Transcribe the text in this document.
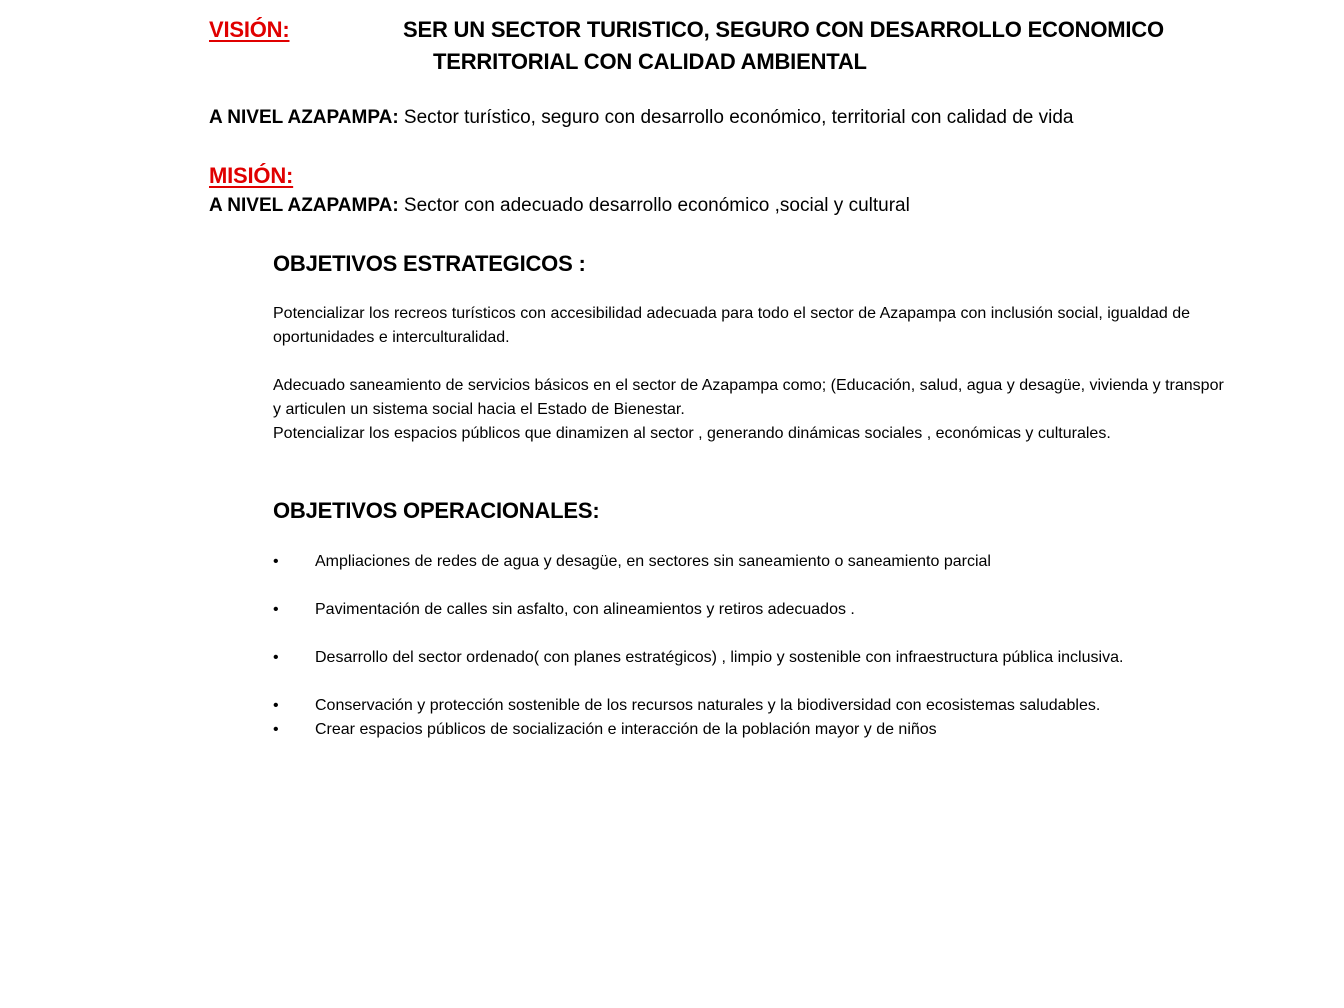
VISIÓN:	SER UN SECTOR TURISTICO, SEGURO CON DESARROLLO ECONOMICO
TERRITORIAL CON CALIDAD AMBIENTAL
A NIVEL AZAPAMPA: Sector turístico, seguro con desarrollo económico, territorial con calidad de vida
MISIÓN:
A NIVEL AZAPAMPA: Sector con adecuado desarrollo económico ,social y cultural
OBJETIVOS ESTRATEGICOS :
Potencializar los recreos turísticos con accesibilidad adecuada para todo el sector de Azapampa con inclusión social, igualdad de
oportunidades e interculturalidad.
Adecuado saneamiento de servicios básicos en el sector de Azapampa como; (Educación, salud, agua y desagüe, vivienda y transpor
y articulen un sistema social hacia el Estado de Bienestar.
Potencializar los espacios públicos que dinamizen al sector , generando dinámicas sociales , económicas y culturales.
OBJETIVOS OPERACIONALES:
• Ampliaciones de redes de agua y desagüe, en sectores sin saneamiento o saneamiento parcial
• Pavimentación de calles sin asfalto, con alineamientos y retiros adecuados .
• Desarrollo del sector ordenado( con planes estratégicos) , limpio y sostenible con infraestructura pública inclusiva.
• Conservación y protección sostenible de los recursos naturales y la biodiversidad con ecosistemas saludables.
• Crear espacios públicos de socialización e interacción de la población mayor y de niños
